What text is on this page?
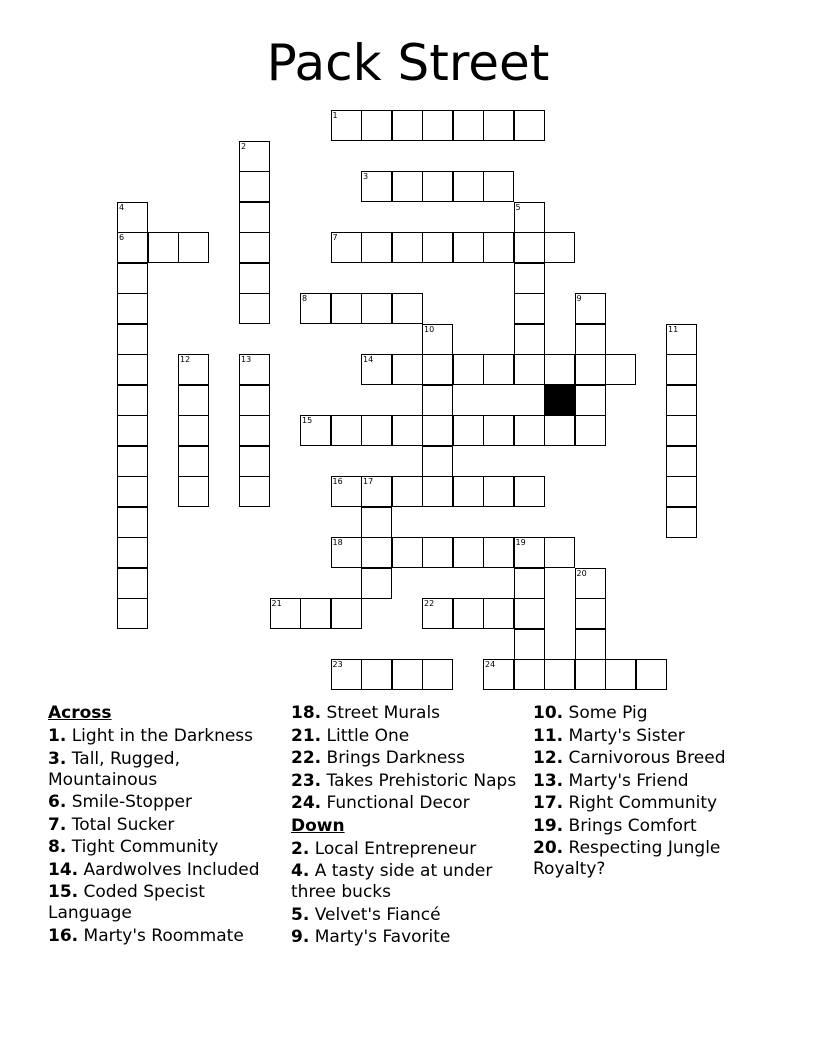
Pack Street
1
3
6	7
8
14
15
16	17
18	19
21	22
23	24
2
4	5
9
10	11
12	13
20
Across
1. Light in the Darkness
3. Tall, Rugged, Mountainous
6. Smile-Stopper
7. Total Sucker
8. Tight Community
14. Aardwolves Included
15. Coded Specist Language
16. Marty's Roommate
18. Street Murals
21. Little One
22. Brings Darkness
23. Takes Prehistoric Naps
24. Functional Decor
Down
2. Local Entrepreneur
4. A tasty side at under three bucks
5. Velvet's Fiancé
9. Marty's Favorite
10. Some Pig
11. Marty's Sister
12. Carnivorous Breed
13. Marty's Friend
17. Right Community
19. Brings Comfort
20. Respecting Jungle Royalty?
